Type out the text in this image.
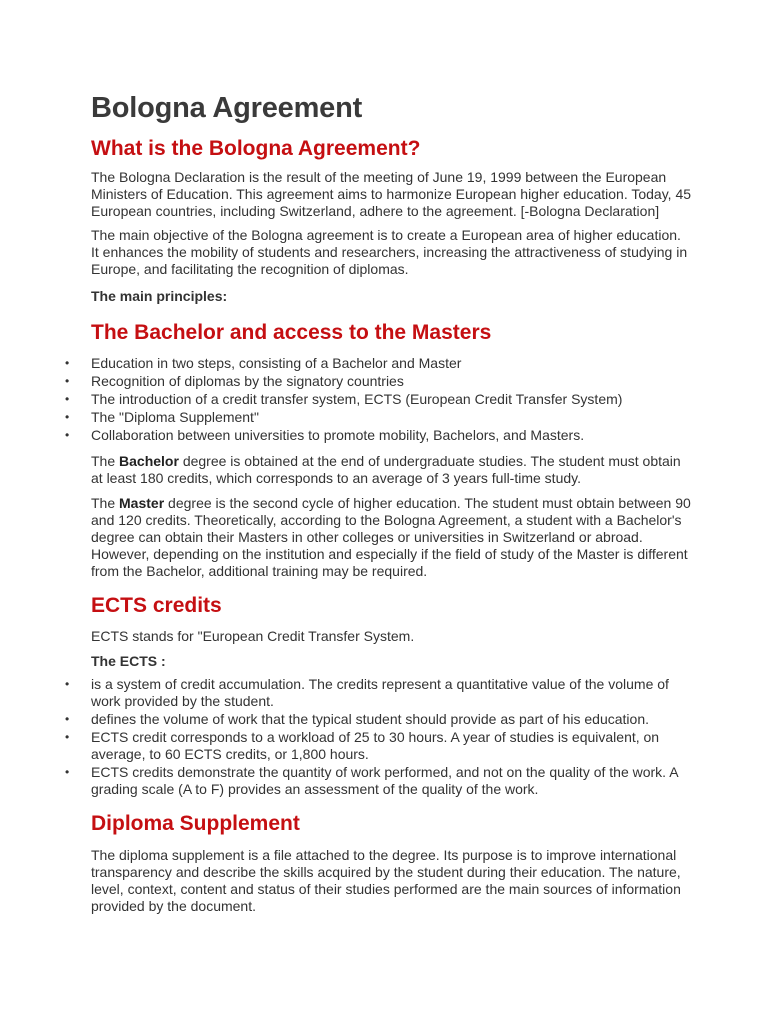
Bologna Agreement
What is the Bologna Agreement?

The Bologna Declaration is the result of the meeting of June 19, 1999 between the European Ministers of Education. This agreement aims to harmonize European higher education. Today, 45 European countries, including Switzerland, adhere to the agreement. [-Bologna Declaration]

The main objective of the Bologna agreement is to create a European area of higher education. It enhances the mobility of students and researchers, increasing the attractiveness of studying in Europe, and facilitating the recognition of diplomas.

The main principles:

The Bachelor and access to the Masters
• Education in two steps, consisting of a Bachelor and Master
• Recognition of diplomas by the signatory countries
• The introduction of a credit transfer system, ECTS (European Credit Transfer System)
• The "Diploma Supplement"
• Collaboration between universities to promote mobility, Bachelors, and Masters.

The Bachelor degree is obtained at the end of undergraduate studies. The student must obtain at least 180 credits, which corresponds to an average of 3 years full-time study.

The Master degree is the second cycle of higher education. The student must obtain between 90 and 120 credits. Theoretically, according to the Bologna Agreement, a student with a Bachelor's degree can obtain their Masters in other colleges or universities in Switzerland or abroad. However, depending on the institution and especially if the field of study of the Master is different from the Bachelor, additional training may be required.

ECTS credits

ECTS stands for "European Credit Transfer System.

The ECTS :

• is a system of credit accumulation. The credits represent a quantitative value of the volume of work provided by the student.
• defines the volume of work that the typical student should provide as part of his education.
• ECTS credit corresponds to a workload of 25 to 30 hours. A year of studies is equivalent, on average, to 60 ECTS credits, or 1,800 hours.
• ECTS credits demonstrate the quantity of work performed, and not on the quality of the work. A grading scale (A to F) provides an assessment of the quality of the work.
Diploma Supplement

The diploma supplement is a file attached to the degree. Its purpose is to improve international transparency and describe the skills acquired by the student during their education. The nature, level, context, content and status of their studies performed are the main sources of information provided by the document.
